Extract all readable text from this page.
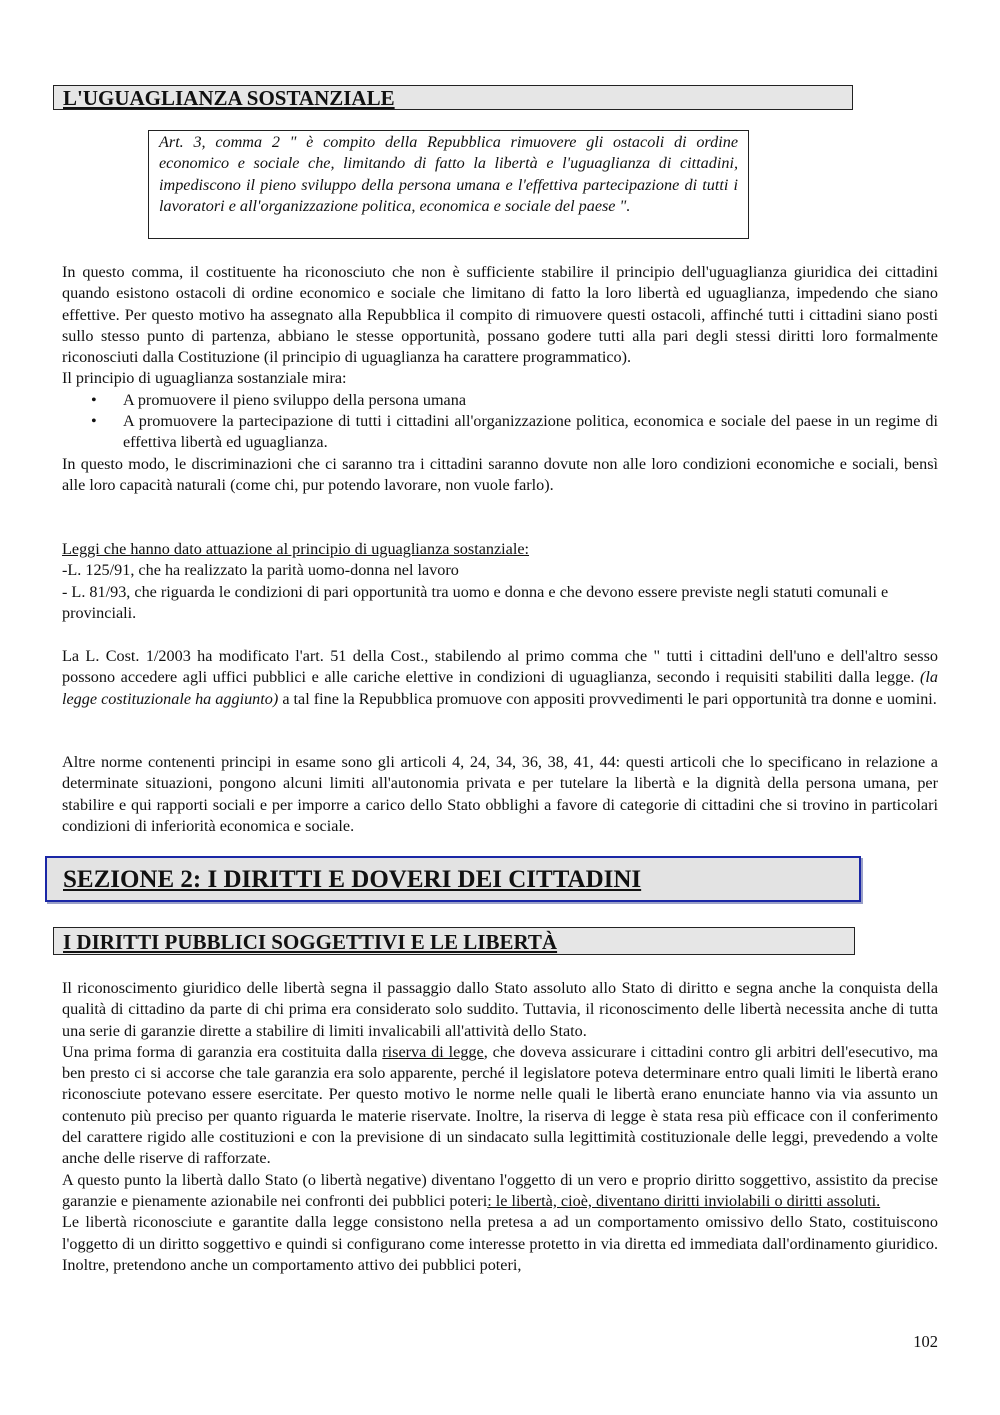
L'UGUAGLIANZA SOSTANZIALE
Art. 3, comma 2 " è compito della Repubblica rimuovere gli ostacoli di ordine economico e sociale che, limitando di fatto la libertà e l'uguaglianza di cittadini, impediscono il pieno sviluppo della persona umana e l'effettiva partecipazione di tutti i lavoratori e all'organizzazione politica, economica e sociale del paese ".

In questo comma, il costituente ha riconosciuto che non è sufficiente stabilire il principio dell'uguaglianza giuridica dei cittadini quando esistono ostacoli di ordine economico e sociale che limitano di fatto la loro libertà ed uguaglianza, impedendo che siano effettive. Per questo motivo ha assegnato alla Repubblica il compito di rimuovere questi ostacoli, affinché tutti i cittadini siano posti sullo stesso punto di partenza, abbiano le stesse opportunità, possano godere tutti alla pari degli stessi diritti loro formalmente riconosciuti dalla Costituzione (il principio di uguaglianza ha carattere programmatico).

Il principio di uguaglianza sostanziale mira:

• A promuovere il pieno sviluppo della persona umana
• A promuovere la partecipazione di tutti i cittadini all'organizzazione politica, economica e sociale del paese in un regime di effettiva libertà ed uguaglianza.

In questo modo, le discriminazioni che ci saranno tra i cittadini saranno dovute non alle loro condizioni economiche e sociali, bensì alle loro capacità naturali (come chi, pur potendo lavorare, non vuole farlo).

Leggi che hanno dato attuazione al principio di uguaglianza sostanziale:

-L. 125/91, che ha realizzato la parità uomo-donna nel lavoro

- L. 81/93, che riguarda le condizioni di pari opportunità tra uomo e donna e che devono essere previste negli statuti comunali e provinciali.

La L. Cost. 1/2003 ha modificato l'art. 51 della Cost., stabilendo al primo comma che " tutti i cittadini dell'uno e dell'altro sesso possono accedere agli uffici pubblici e alle cariche elettive in condizioni di uguaglianza, secondo i requisiti stabiliti dalla legge. (la legge costituzionale ha aggiunto) a tal fine la Repubblica promuove con appositi provvedimenti le pari opportunità tra donne e uomini.

Altre norme contenenti principi in esame sono gli articoli 4, 24, 34, 36, 38, 41, 44: questi articoli che lo specificano in relazione a determinate situazioni, pongono alcuni limiti all'autonomia privata e per tutelare la libertà e la dignità della persona umana, per stabilire e qui rapporti sociali e per imporre a carico dello Stato obblighi a favore di categorie di cittadini che si trovino in particolari condizioni di inferiorità economica e sociale.

SEZIONE 2: I DIRITTI E DOVERI DEI CITTADINI
I DIRITTI PUBBLICI SOGGETTIVI E LE LIBERTÀ

Il riconoscimento giuridico delle libertà segna il passaggio dallo Stato assoluto allo Stato di diritto e segna anche la conquista della qualità di cittadino da parte di chi prima era considerato solo suddito. Tuttavia, il riconoscimento delle libertà necessita anche di tutta una serie di garanzie dirette a stabilire di limiti invalicabili all'attività dello Stato.

Una prima forma di garanzia era costituita dalla riserva di legge, che doveva assicurare i cittadini contro gli arbitri dell'esecutivo, ma ben presto ci si accorse che tale garanzia era solo apparente, perché il legislatore poteva determinare entro quali limiti le libertà erano riconosciute potevano essere esercitate. Per questo motivo le norme nelle quali le libertà erano enunciate hanno via via assunto un contenuto più preciso per quanto riguarda le materie riservate. Inoltre, la riserva di legge è stata resa più efficace con il conferimento del carattere rigido alle costituzioni e con la previsione di un sindacato sulla legittimità costituzionale delle leggi, prevedendo a volte anche delle riserve di rafforzate.

A questo punto la libertà dallo Stato (o libertà negative) diventano l'oggetto di un vero e proprio diritto soggettivo, assistito da precise garanzie e pienamente azionabile nei confronti dei pubblici poteri: le libertà, cioè, diventano diritti inviolabili o diritti assoluti.

Le libertà riconosciute e garantite dalla legge consistono nella pretesa a ad un comportamento omissivo dello Stato, costituiscono l'oggetto di un diritto soggettivo e quindi si configurano come interesse protetto in via diretta ed immediata dall'ordinamento giuridico. Inoltre, pretendono anche un comportamento attivo dei pubblici poteri,

102
